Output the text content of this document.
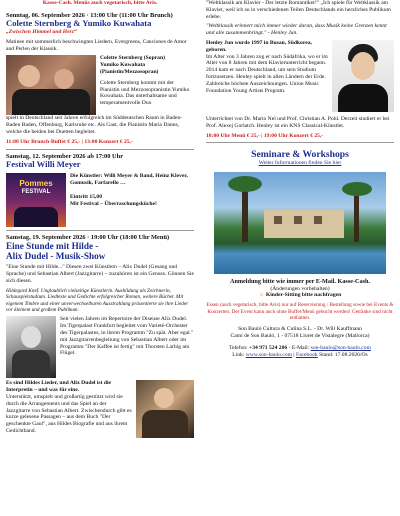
Kasse-Cash. Menüs auch vegetarisch, bitte Avis.

Sonntag, 06. September 2026 · 13:00 Uhr (11:00 Uhr Brunch)

Colette Sternberg & Yumiko Kuwahata

„Zwischen Himmel und Herz“

Matinee mit sommerlich beschwingten Liedern, Evergreens, Canciones de Amor and Perlen der Klassik.

Colette Sternberg (Sopran)

Yumiko Kuwahata (Pianistin/Mezzosopran)

Colette Sternberg kommt mit der Pianistin und Mezzosopranistin Yumiko Kuwahata. Das unterhaltsame und temperamentvolle Duo

spielt in Deutschland seit Jahren erfolgreich im Süddeutschen Raum in Baden-Baden Baden, Offenburg, Karlsruhe etc. Als Gast, die Pianistin Maria Danea, welche die beiden bei Duetten begleitet.

11:00 Uhr Brunch-Buffet € 25,- | 13:00 Konzert € 25,-

Samstag, 12. September 2026 ab 17:00 Uhr

Festival Willi Meyer

Pommes
FESTIVAL

Die Künstler: Willi Meyer & Band, Heinz Klever, Gomusik, Farfarello …

Eintritt 15,00

Mit Festival – Überraschungsküche!

Samstag, 19. September 2026 · 19:00 Uhr (18:00 Uhr Menü)

Eine Stunde mit Hilde -

Alix Dudel - Musik-Show

"Eine Stunde mit Hilde..." Diesen zwei Künstlern – Alix Dudel (Gesang und Sprache) und Sebastian Albert (Jazzgitarre) – zuzuhören ist ein Genuss. Gönnen Sie sich diesen.

Hildegard Knef. Unglaublich vielseitige Künstlerin. Ausbildung als Zeichnerin, Schauspielstudium. Liedtexte und Gedichte erfolgreicher Roman, weitere Bücher. Mit eigenem Timbre und einer unverwechselbaren Ausstrahlung präsentierte sie ihre Lieder vor kleinem und großem Publikum.

Seit vielen Jahren im Repertoire der Diseuse Alix Dudel. Im Tigerpalast Frankfurt begleitet vom Varieté-Orchester des Tigerpalastes, in ihrem Programm "Zu spät. Aber egal." mit Jazzgitarrenbegleitung von Sebastian Albert oder im Programm "Der Kaffee ist fertig" mit Thorsten Larbig am Flügel.

Es sind Hildes Lieder, und Alix Dudel ist die Interpretin – und was für eine.

Unterstützt, umspielt und großartig gestützt wird sie durch die Arrangements und das Spiel an der Jazzgitarre von Sebastian Albert. Zwischendurch gibt es kurze gelesene Passagen – aus dem Buch "Der geschenkte Gaul", aus Hildes Biografie und aus ihrem Gedichtband.

"Weltklassik am Klavier - Der letzte Romantiker!" „Ich spiele für Weltklassik am Klavier, weil ich so in verschiedenen Teilen Deutschlands ein herzliches Publikum erlebe.

"Weltklassik erinnert mich immer wieder daran, dass Musik keine Grenzen kennt und alle zusammenbringt." - Henley Jun.

Henley Jun wurde 1997 in Busan, Südkorea, geboren.

Im Alter von 3 Jahren zog er nach Südafrika, wo er im Alter von 8 Jahren mit dem Klavierunterricht begann. 2014 kam er nach Deutschland, um sein Studium fortzusetzen. Henley spielt in allen Ländern der Erde. Zahlreiche höchste Auszeichnungen. Union Music Foundation Young Artists Program.

Unterrichtet von Dr. Mario Nel und Prof. Christian A. Pohl. Derzeit studiert er bei Prof. Alexej Gorlatch. Henley ist ein KNS Classical-Künstler.

18:00 Uhr Menü € 25,- | 19:00 Uhr Konzert € 25,-

Seminare & Workshops

Weiter Informationen finden Sie hier

Anmeldung bitte wie immer per E-Mail. Kasse-Cash.

(Änderungen vorbehalten)

☺ Kinder-Sitting bitte nachfragen

Essen (auch vegetarisch, bitte Avis) nur auf Reservierung / Bestellung sowie bei Events & Konzerten. Der Event kann auch ohne Buffet/Menü gebucht werden! Getränke sind nicht enthalten.

Son Bauló Cultura & Culina S.L. - Dr. Will Kauffmann

Camí de Son Bauló, 1 - 07518 Lloret de Vistalegre (Mallorca)

Telefon: +34 971 524 206 - E-Mail: son-baulo@son-baulo.com

Link: www.son-baulo.com | Facebook Stand: 17.08.2026/Os
